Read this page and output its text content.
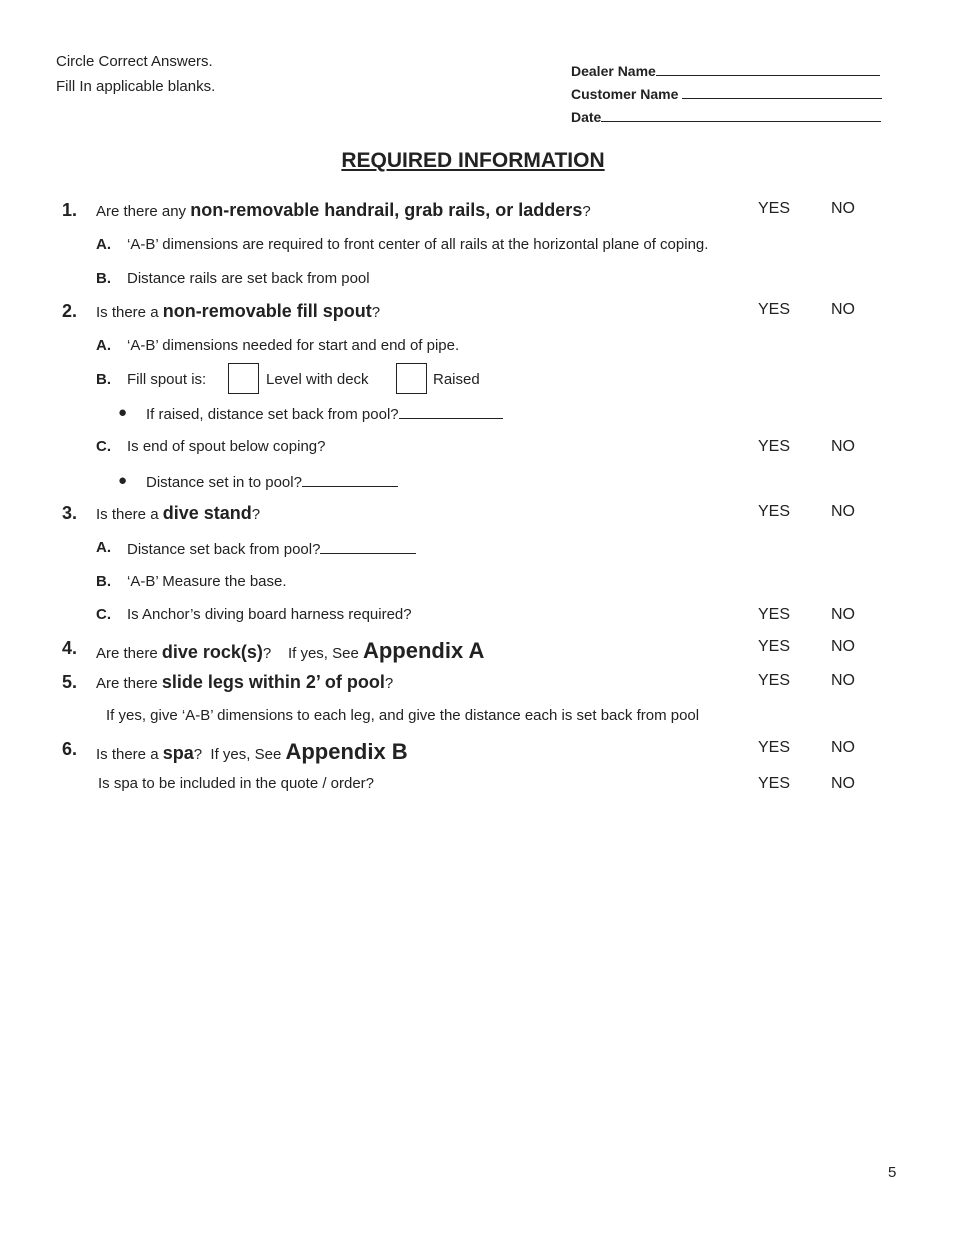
Circle Correct Answers.
Fill In applicable blanks.
Dealer Name
Customer Name
Date
REQUIRED INFORMATION
1. Are there any non-removable handrail, grab rails, or ladders?	YES	NO
A. ‘A-B’ dimensions are required to front center of all rails at the horizontal plane of coping.
B. Distance rails are set back from pool
2. Is there a non-removable fill spout?	YES	NO
A. ‘A-B’ dimensions needed for start and end of pipe.
B. Fill spout is:	Level with deck	Raised
● If raised, distance set back from pool?
C. Is end of spout below coping?	YES	NO
● Distance set in to pool?
3. Is there a dive stand?	YES	NO
A. Distance set back from pool?
B. ‘A-B’ Measure the base.
C. Is Anchor’s diving board harness required?	YES	NO
4. Are there dive rock(s)? If yes, See Appendix A	YES	NO
5. Are there slide legs within 2’ of pool?	YES	NO
If yes, give ‘A-B’ dimensions to each leg, and give the distance each is set back from pool
6. Is there a spa? If yes, See Appendix B	YES	NO
Is spa to be included in the quote / order?	YES	NO
5
